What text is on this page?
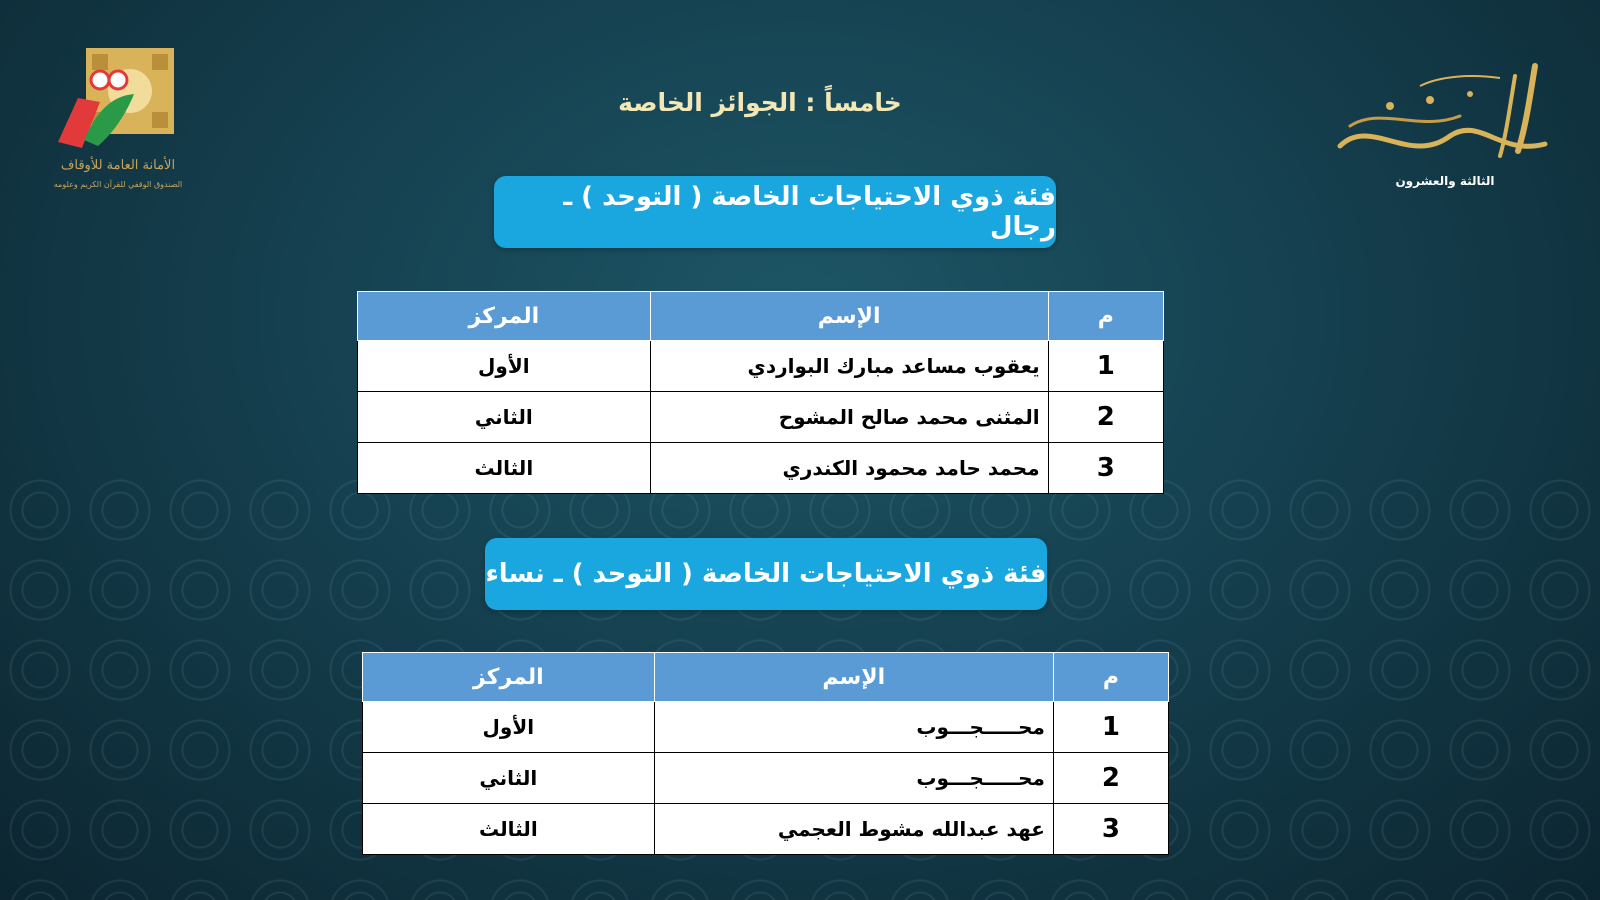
الأمانة العامة للأوقاف
الصندوق الوقفي للقرآن الكريم وعلومه	الثالثة والعشرون
خامساً : الجوائز الخاصة
فئة ذوي الاحتياجات الخاصة ( التوحد ) ـ رجال
م	الإسم	المركز
1	يعقوب مساعد مبارك البواردي	الأول
2	المثنى محمد صالح المشوح	الثاني
3	محمد حامد محمود الكندري	الثالث
فئة ذوي الاحتياجات الخاصة ( التوحد ) ـ نساء
م	الإسم	المركز
1	محـــــجـــوب	الأول
2	محـــــجـــوب	الثاني
3	عهد عبدالله مشوط العجمي	الثالث
